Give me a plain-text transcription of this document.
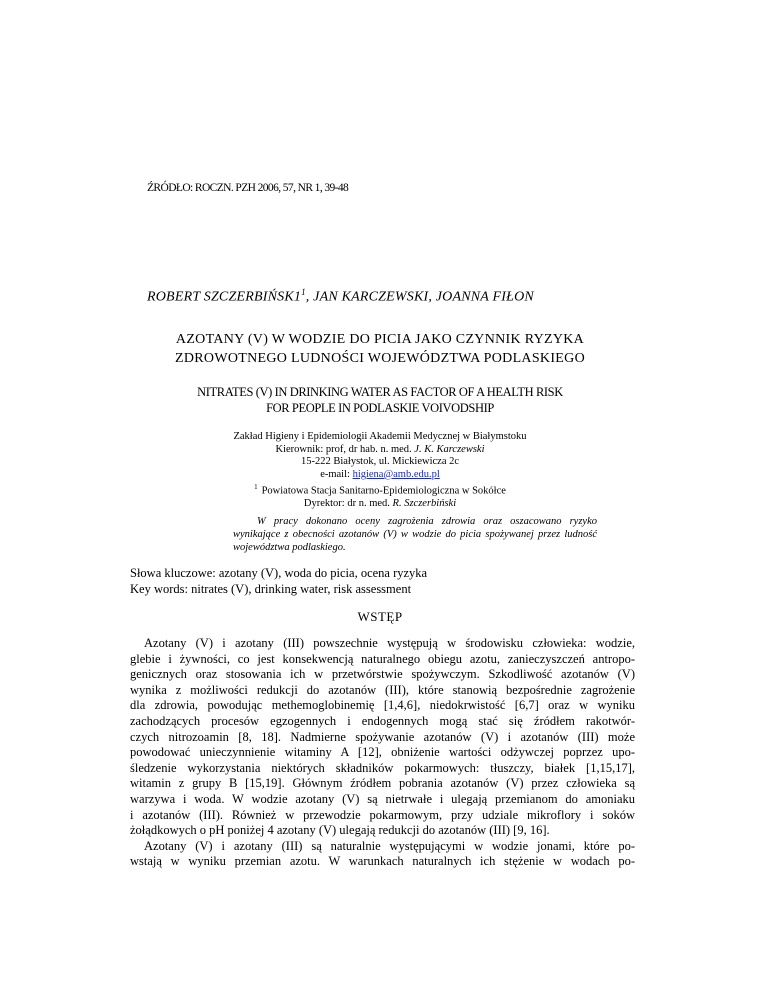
ŹRÓDŁO: ROCZN. PZH 2006, 57, NR 1, 39-48
ROBERT $SZCZERBIŃSK1^1$, JAN KARCZEWSKI, JOANNA FIŁON
AZOTANY (V) W WODZIE DO PICIA JAKO CZYNNIK RYZYKA
ZDROWOTNEGO LUDNOŚCI WOJEWÓDZTWA PODLASKIEGO
NITRATES (V) IN DRINKING WATER AS FACTOR OF A HEALTH RISK
FOR PEOPLE IN PODLASKIE VOIVODSHIP
Zakład Higieny i Epidemiologii Akademii Medycznej w Białymstoku
Kierownik: prof, dr hab. n. med. J. K. Karczewski
15-222 Białystok, ul. Mickiewicza 2c
e-mail: higiena@amb.edu.pl
$^1$ Powiatowa Stacja Sanitarno-Epidemiologiczna w Sokółce
Dyrektor: dr n. med. R. Szczerbiński
W pracy dokonano oceny zagrożenia zdrowia oraz oszacowano ryzyko wynikające z obecności azotanów (V) w wodzie do picia spożywanej przez ludność województwa podlaskiego.
Słowa kluczowe: azotany (V), woda do picia, ocena ryzyka
Key words: nitrates (V), drinking water, risk assessment
WSTĘP
Azotany (V) i azotany (III) powszechnie występują w środowisku człowieka: wodzie,
glebie i żywności, co jest konsekwencją naturalnego obiegu azotu, zanieczyszczeń antropo-
genicznych oraz stosowania ich w przetwórstwie spożywczym. Szkodliwość azotanów (V)
wynika z możliwości redukcji do azotanów (III), które stanowią bezpośrednie zagrożenie
dla zdrowia, powodując methemoglobinemię [1,4,6], niedokrwistość [6,7] oraz w wyniku
zachodzących procesów egzogennych i endogennych mogą stać się źródłem rakotwór-
czych nitrozoamin [8, 18]. Nadmierne spożywanie azotanów (V) i azotanów (III) może
powodować unieczynnienie witaminy A [12], obniżenie wartości odżywczej poprzez upo-
śledzenie wykorzystania niektórych składników pokarmowych: tłuszczy, białek [1,15,17],
witamin z grupy B [15,19]. Głównym źródłem pobrania azotanów (V) przez człowieka są
warzywa i woda. W wodzie azotany (V) są nietrwałe i ulegają przemianom do amoniaku
i azotanów (III). Również w przewodzie pokarmowym, przy udziale mikroflory i soków
żołądkowych o pH poniżej 4 azotany (V) ulegają redukcji do azotanów (III) [9, 16].
Azotany (V) i azotany (III) są naturalnie występującymi w wodzie jonami, które po-
wstają w wyniku przemian azotu. W warunkach naturalnych ich stężenie w wodach po-
